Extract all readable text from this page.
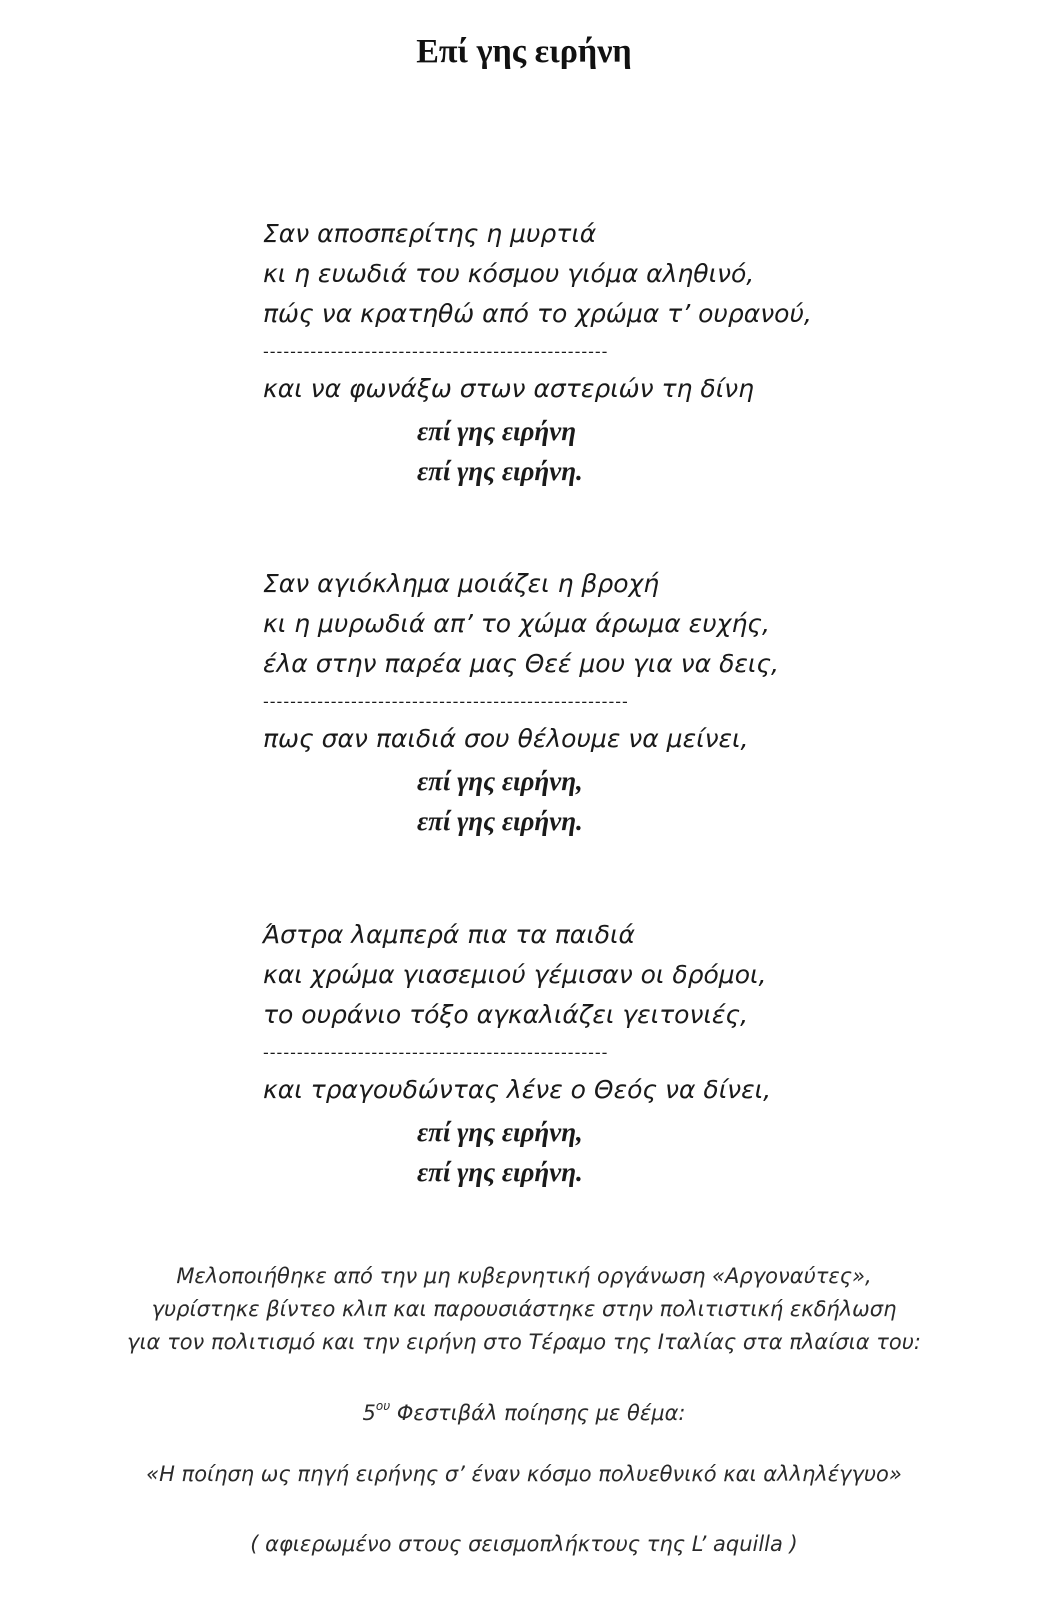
Επί γης ειρήνη
Σαν αποσπερίτης η μυρτιά
κι η ευωδιά του κόσμου γιόμα αληθινό,
πώς να κρατηθώ από το χρώμα τ’ ουρανού,
---------------------------------------------------
και να φωνάξω στων αστεριών τη δίνη
επί γης ειρήνη
επί γης ειρήνη.
Σαν αγιόκλημα μοιάζει η βροχή
κι η μυρωδιά απ’ το χώμα άρωμα ευχής,
έλα στην παρέα μας Θεέ μου για να δεις,
------------------------------------------------------
πως σαν παιδιά σου θέλουμε να μείνει,
επί γης ειρήνη,
επί γης ειρήνη.
Άστρα λαμπερά πια τα παιδιά
και χρώμα γιασεμιού γέμισαν οι δρόμοι,
το ουράνιο τόξο αγκαλιάζει γειτονιές,
---------------------------------------------------
και τραγουδώντας λένε ο Θεός να δίνει,
επί γης ειρήνη,
επί γης ειρήνη.
Μελοποιήθηκε από την μη κυβερνητική οργάνωση «Αργοναύτες»,
γυρίστηκε βίντεο κλιπ και παρουσιάστηκε στην πολιτιστική εκδήλωση
για τον πολιτισμό και την ειρήνη στο Τέραμο της Ιταλίας στα πλαίσια του:
$5^{o\upsilon}$ Φεστιβάλ ποίησης με θέμα:
«Η ποίηση ως πηγή ειρήνης σ’ έναν κόσμο πολυεθνικό και αλληλέγγυο»
( αφιερωμένο στους σεισμοπλήκτους της L’ aquilla )
